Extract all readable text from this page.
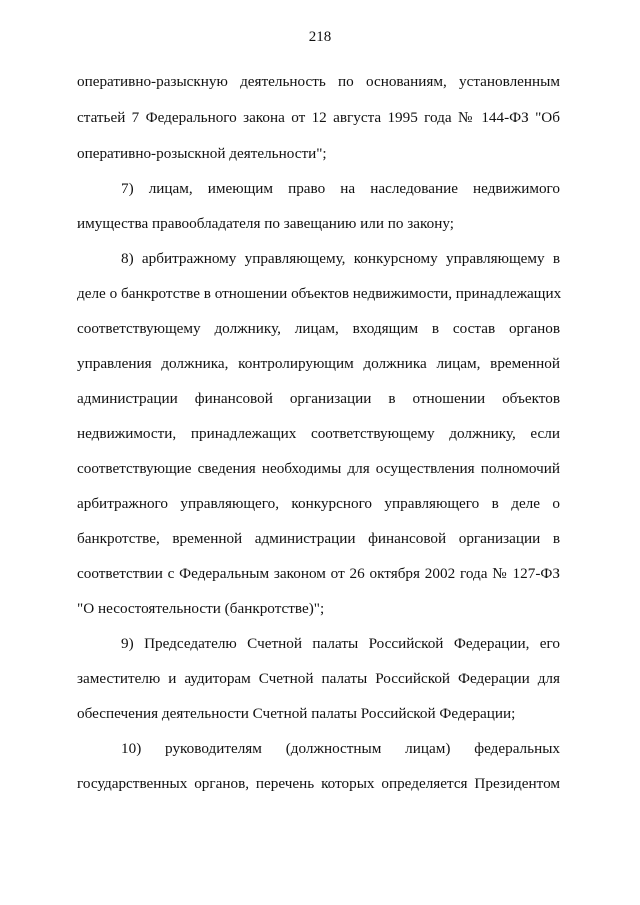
218
оперативно-разыскную деятельность по основаниям, установленным
статьей 7 Федерального закона от 12 августа 1995 года № 144-ФЗ "Об
оперативно-розыскной деятельности";
7) лицам, имеющим право на наследование недвижимого
имущества правообладателя по завещанию или по закону;
8) арбитражному управляющему, конкурсному управляющему в
деле о банкротстве в отношении объектов недвижимости, принадлежащих
соответствующему должнику, лицам, входящим в состав органов
управления должника, контролирующим должника лицам, временной
администрации финансовой организации в отношении объектов
недвижимости, принадлежащих соответствующему должнику, если
соответствующие сведения необходимы для осуществления полномочий
арбитражного управляющего, конкурсного управляющего в деле о
банкротстве, временной администрации финансовой организации в
соответствии с Федеральным законом от 26 октября 2002 года № 127-ФЗ
"О несостоятельности (банкротстве)";
9) Председателю Счетной палаты Российской Федерации, его
заместителю и аудиторам Счетной палаты Российской Федерации для
обеспечения деятельности Счетной палаты Российской Федерации;
10) руководителям (должностным лицам) федеральных
государственных органов, перечень которых определяется Президентом
